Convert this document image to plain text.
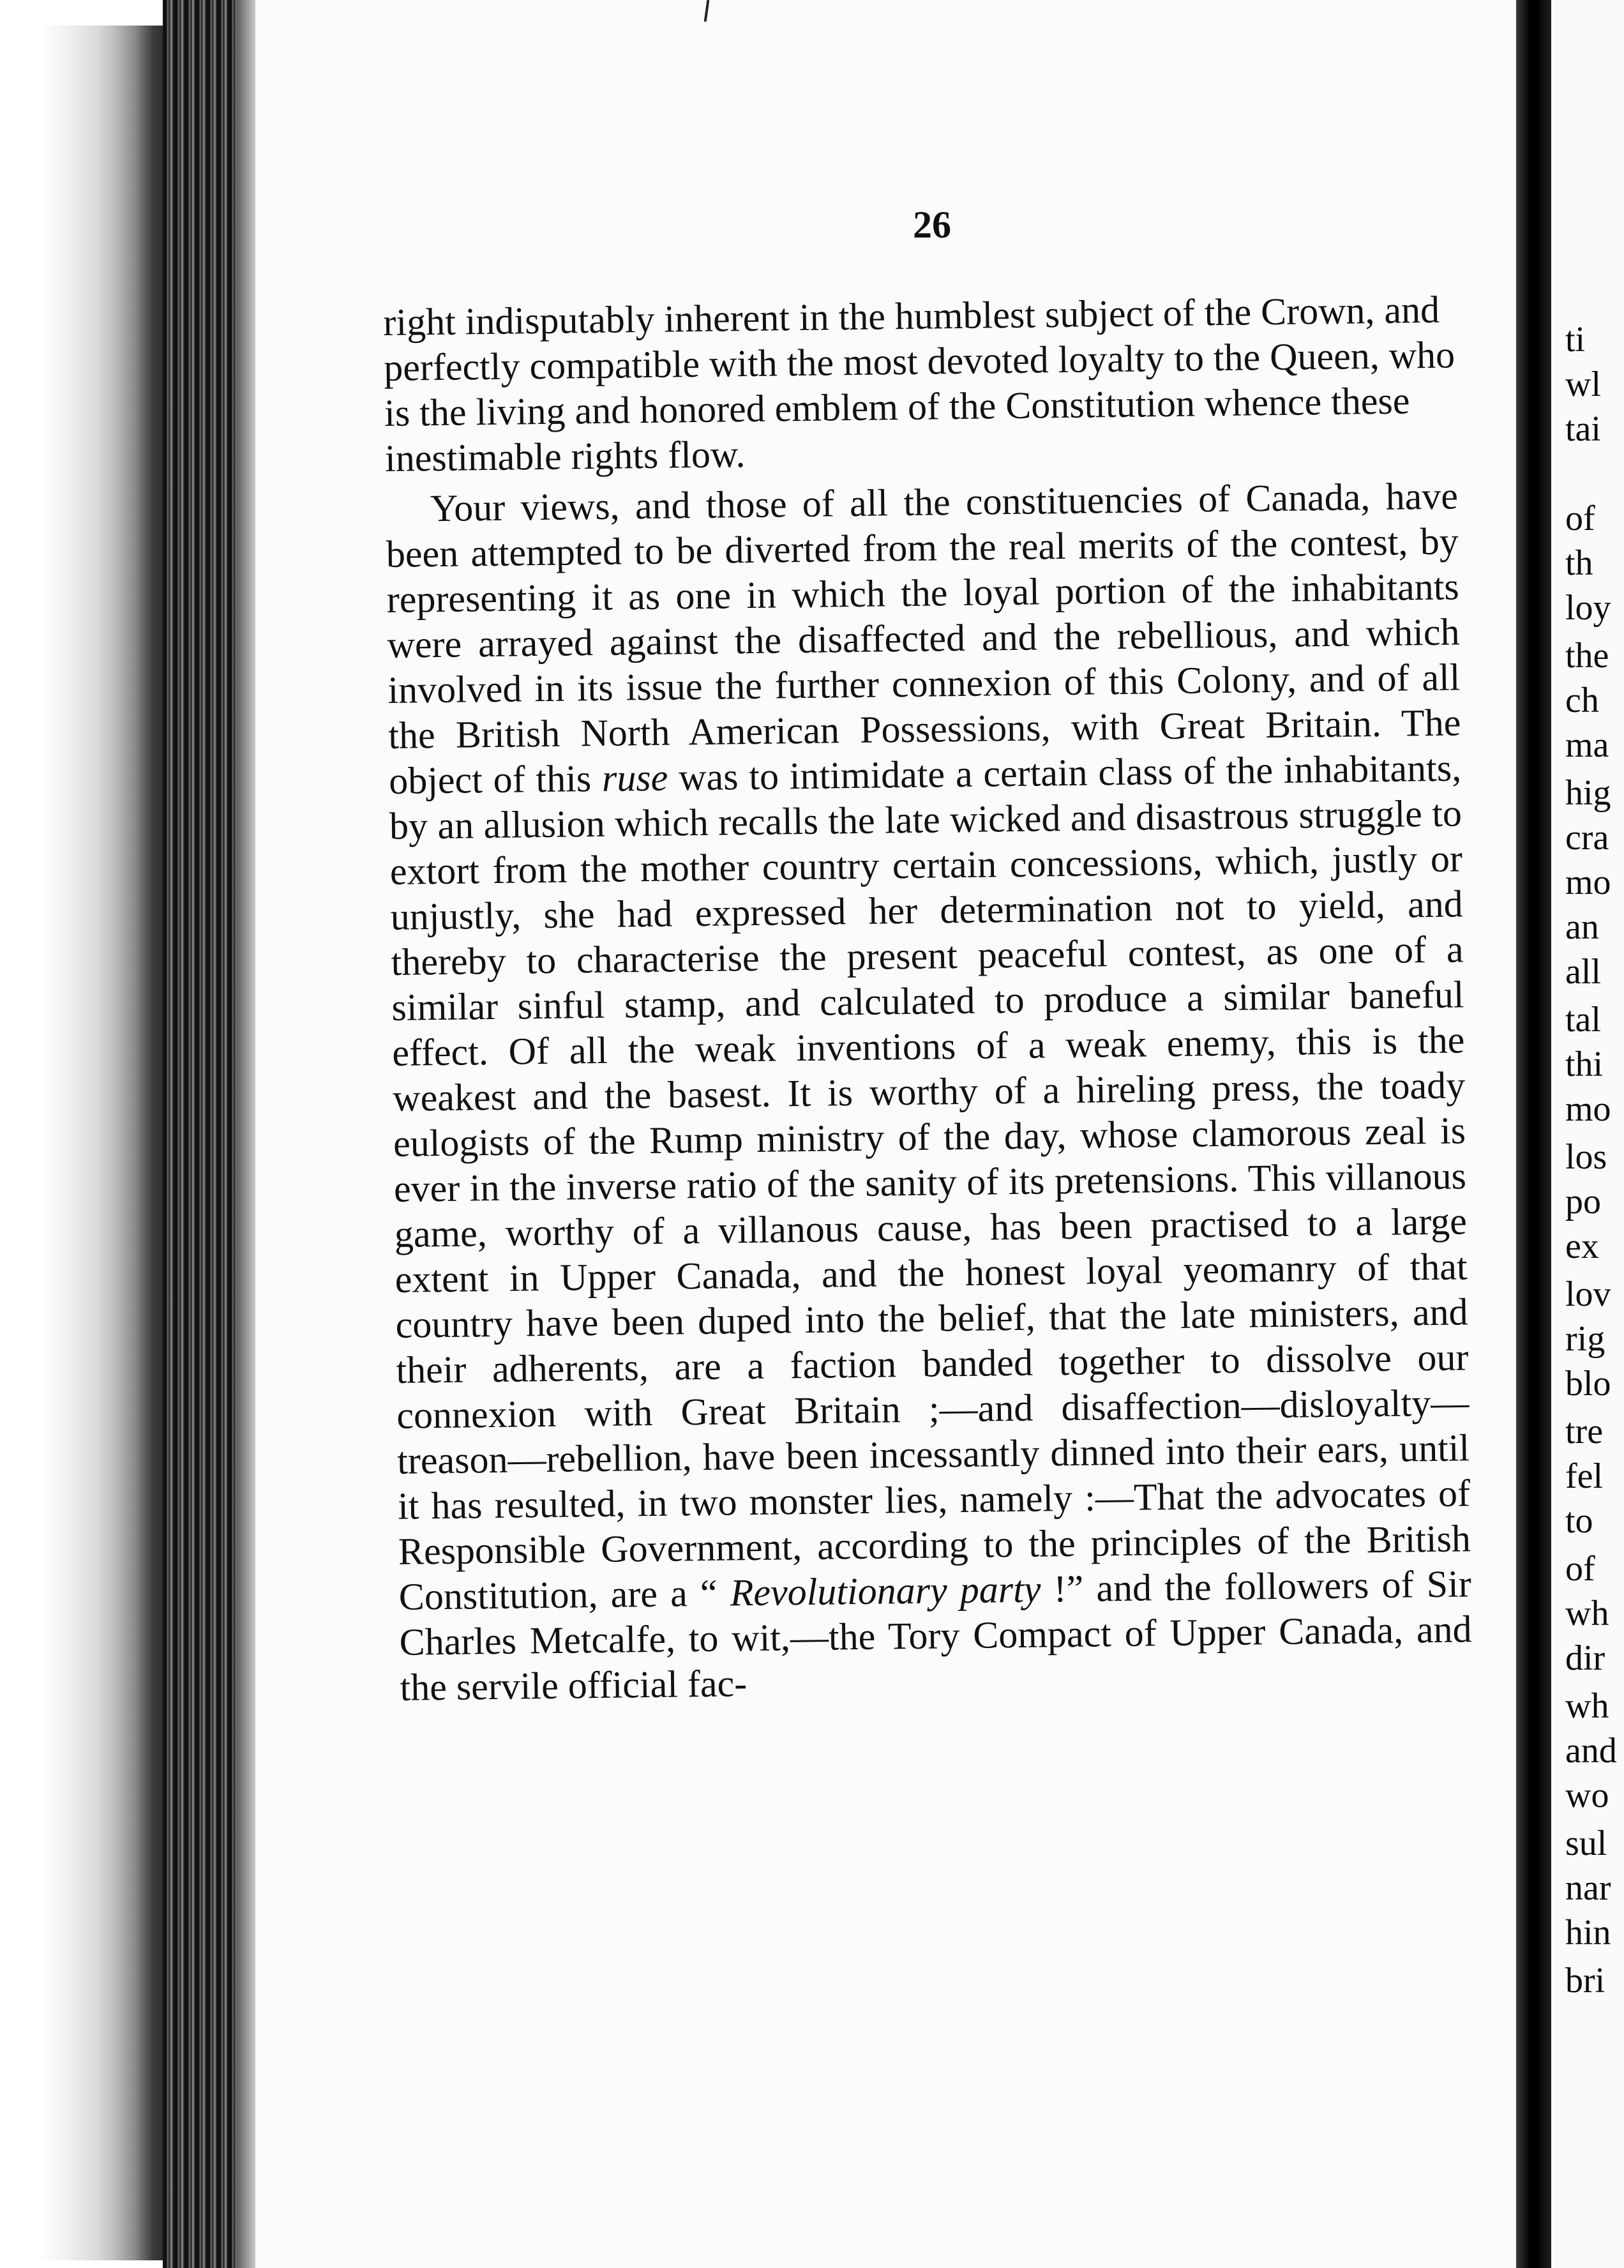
26

right indisputably inherent in the humblest subject of the Crown, and perfectly compatible with the most devoted loyalty to the Queen, who is the living and honored emblem of the Constitution whence these inestimable rights flow.

Your views, and those of all the constituencies of Canada, have been attempted to be diverted from the real merits of the contest, by representing it as one in which the loyal portion of the inhabitants were arrayed against the disaffected and the rebellious, and which involved in its issue the further connexion of this Colony, and of all the British North American Possessions, with Great Britain. The object of this ruse was to intimidate a certain class of the inhabitants, by an allusion which recalls the late wicked and disastrous struggle to extort from the mother country certain concessions, which, justly or unjustly, she had expressed her determination not to yield, and thereby to characterise the present peaceful contest, as one of a similar sinful stamp, and calculated to produce a similar baneful effect. Of all the weak inventions of a weak enemy, this is the weakest and the basest. It is worthy of a hireling press, the toady eulogists of the Rump ministry of the day, whose clamorous zeal is ever in the inverse ratio of the sanity of its pretensions. This villanous game, worthy of a villanous cause, has been practised to a large extent in Upper Canada, and the honest loyal yeomanry of that country have been duped into the belief, that the late ministers, and their adherents, are a faction banded together to dissolve our connexion with Great Britain ;—and disaffection—disloyalty—treason—rebellion, have been incessantly dinned into their ears, until it has resulted, in two monster lies, namely :—That the advocates of Responsible Government, according to the principles of the British Constitution, are a “ Revolutionary party !” and the followers of Sir Charles Metcalfe, to wit,—the Tory Compact of Upper Canada, and the servile official fac-

ti
wl
tai
of
th
loy
the
ch
ma
hig
cra
mo
an
all
tal
thi
mo
los
po
ex
lov
rig
blo
tre
fel
to
of
wh
dir
wh
and
wo
sul
nar
hin
bri
